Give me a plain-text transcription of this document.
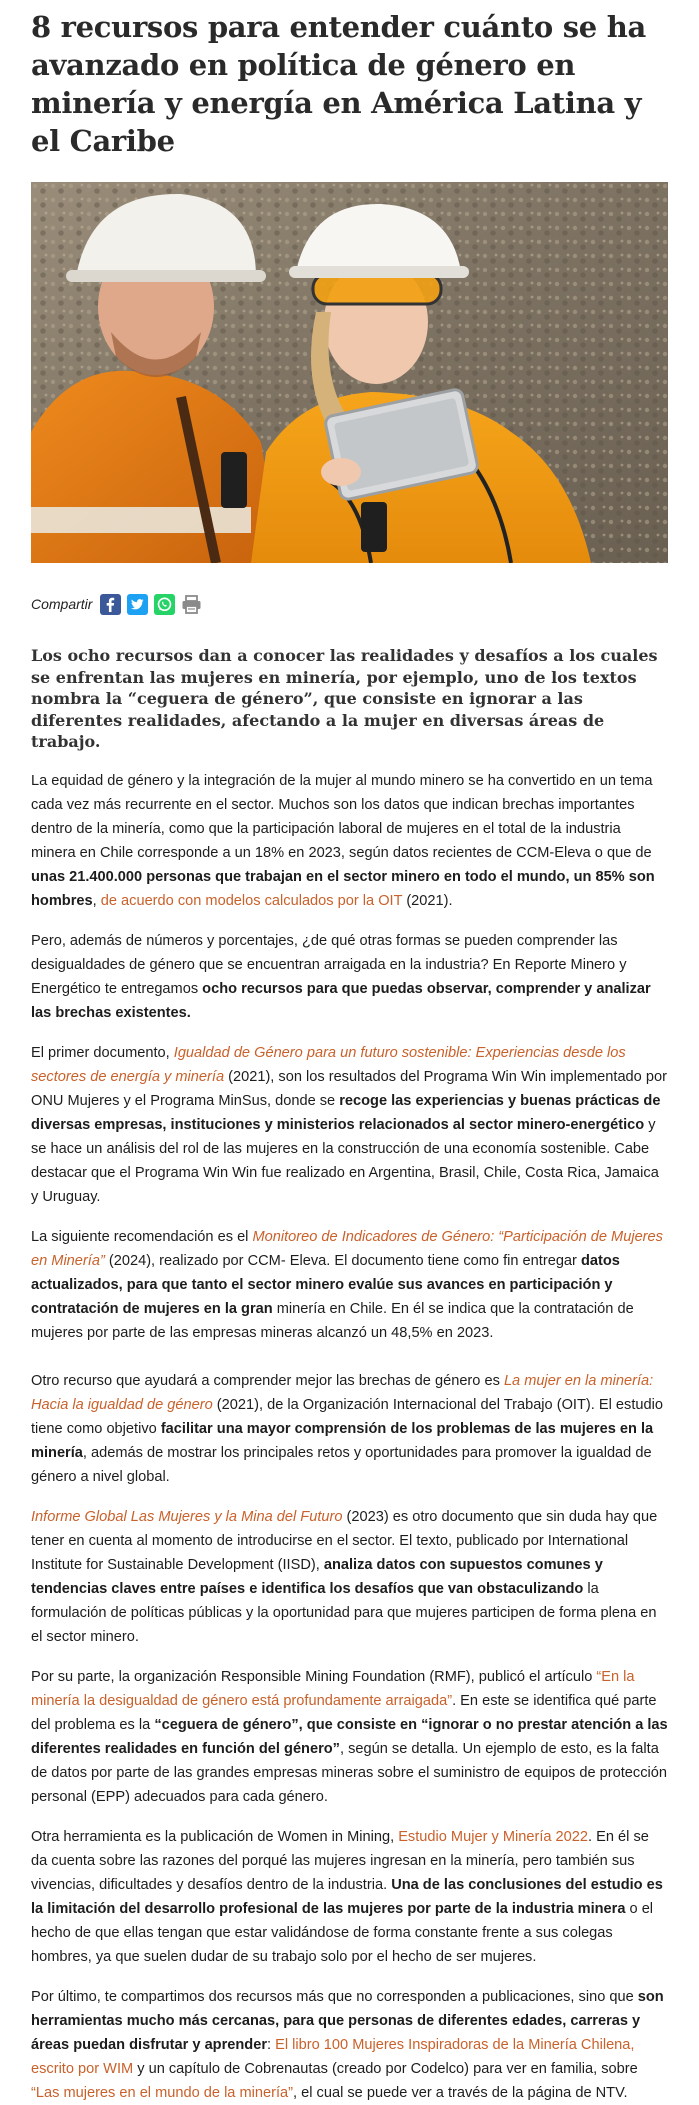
8 recursos para entender cuánto se ha avanzado en política de género en minería y energía en América Latina y el Caribe
Compartir
Los ocho recursos dan a conocer las realidades y desafíos a los cuales se enfrentan las mujeres en minería, por ejemplo, uno de los textos nombra la “ceguera de género”, que consiste en ignorar a las diferentes realidades, afectando a la mujer en diversas áreas de trabajo.

La equidad de género y la integración de la mujer al mundo minero se ha convertido en un tema cada vez más recurrente en el sector. Muchos son los datos que indican brechas importantes dentro de la minería, como que la participación laboral de mujeres en el total de la industria minera en Chile corresponde a un 18% en 2023, según datos recientes de CCM-Eleva o que de unas 21.400.000 personas que trabajan en el sector minero en todo el mundo, un 85% son hombres, de acuerdo con modelos calculados por la OIT (2021).

Pero, además de números y porcentajes, ¿de qué otras formas se pueden comprender las desigualdades de género que se encuentran arraigada en la industria? En Reporte Minero y Energético te entregamos ocho recursos para que puedas observar, comprender y analizar las brechas existentes.

El primer documento, Igualdad de Género para un futuro sostenible: Experiencias desde los sectores de energía y minería (2021), son los resultados del Programa Win Win implementado por ONU Mujeres y el Programa MinSus, donde se recoge las experiencias y buenas prácticas de diversas empresas, instituciones y ministerios relacionados al sector minero-energético y se hace un análisis del rol de las mujeres en la construcción de una economía sostenible. Cabe destacar que el Programa Win Win fue realizado en Argentina, Brasil, Chile, Costa Rica, Jamaica y Uruguay.

La siguiente recomendación es el Monitoreo de Indicadores de Género: “Participación de Mujeres en Minería” (2024), realizado por CCM- Eleva. El documento tiene como fin entregar datos actualizados, para que tanto el sector minero evalúe sus avances en participación y contratación de mujeres en la gran minería en Chile. En él se indica que la contratación de mujeres por parte de las empresas mineras alcanzó un 48,5% en 2023.

Otro recurso que ayudará a comprender mejor las brechas de género es La mujer en la minería: Hacia la igualdad de género (2021), de la Organización Internacional del Trabajo (OIT). El estudio tiene como objetivo facilitar una mayor comprensión de los problemas de las mujeres en la minería, además de mostrar los principales retos y oportunidades para promover la igualdad de género a nivel global.

Informe Global Las Mujeres y la Mina del Futuro (2023) es otro documento que sin duda hay que tener en cuenta al momento de introducirse en el sector. El texto, publicado por International Institute for Sustainable Development (IISD), analiza datos con supuestos comunes y tendencias claves entre países e identifica los desafíos que van obstaculizando la formulación de políticas públicas y la oportunidad para que mujeres participen de forma plena en el sector minero.

Por su parte, la organización Responsible Mining Foundation (RMF), publicó el artículo “En la minería la desigualdad de género está profundamente arraigada”. En este se identifica qué parte del problema es la “ceguera de género”, que consiste en “ignorar o no prestar atención a las diferentes realidades en función del género”, según se detalla. Un ejemplo de esto, es la falta de datos por parte de las grandes empresas mineras sobre el suministro de equipos de protección personal (EPP) adecuados para cada género.

Otra herramienta es la publicación de Women in Mining, Estudio Mujer y Minería 2022. En él se da cuenta sobre las razones del porqué las mujeres ingresan en la minería, pero también sus vivencias, dificultades y desafíos dentro de la industria. Una de las conclusiones del estudio es la limitación del desarrollo profesional de las mujeres por parte de la industria minera o el hecho de que ellas tengan que estar validándose de forma constante frente a sus colegas hombres, ya que suelen dudar de su trabajo solo por el hecho de ser mujeres.

Por último, te compartimos dos recursos más que no corresponden a publicaciones, sino que son herramientas mucho más cercanas, para que personas de diferentes edades, carreras y áreas puedan disfrutar y aprender: El libro 100 Mujeres Inspiradoras de la Minería Chilena, escrito por WIM y un capítulo de Cobrenautas (creado por Codelco) para ver en familia, sobre “Las mujeres en el mundo de la minería”, el cual se puede ver a través de la página de NTV.
